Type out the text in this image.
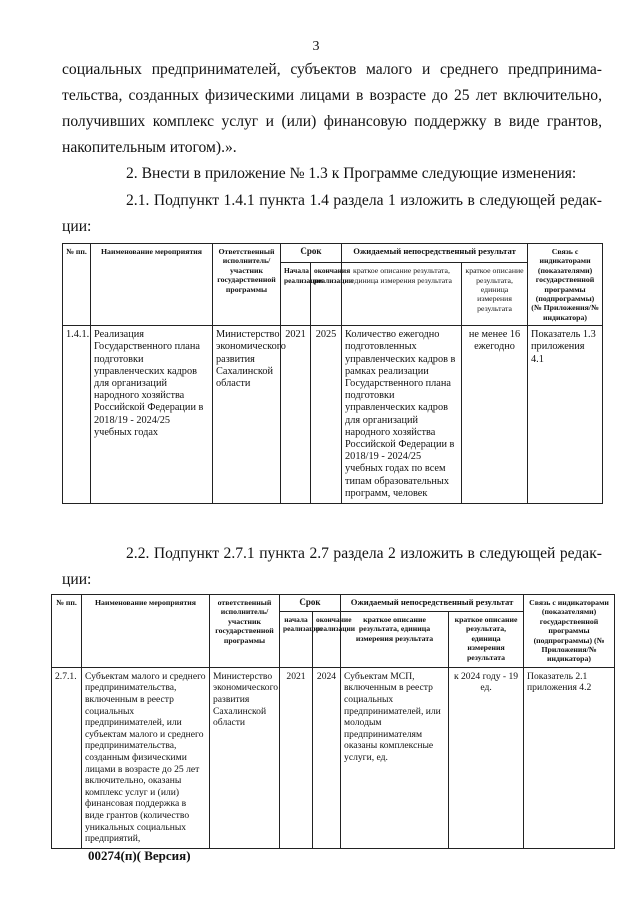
3
социальных предпринимателей, субъектов малого и среднего предпринима-
тельства, созданных физическими лицами в возрасте до 25 лет включительно,
получивших комплекс услуг и (или) финансовую поддержку в виде грантов,
накопительным итогом).».
2. Внести в приложение № 1.3 к Программе следующие изменения:
2.1. Подпункт 1.4.1 пункта 1.4 раздела 1 изложить в следующей редак-
ции:
№ пп.	Наименование мероприятия	Ответственный исполнитель/участник государственной программы	Срок		Ожидаемый непосредственный результат		Связь с индикаторами (показателями) государственной программы (подпрограммы) (№ Приложения/№ индикатора)
			Начала реализации	окончания реализации	краткое описание результата, единица измерения результата	краткое описание результата, единица измерения результата	
1.4.1.	Реализация Государственного плана подготовки управленческих кадров для организаций народного хозяйства Российской Федерации в 2018/19 - 2024/25 учебных годах	Министерство экономического развития Сахалинской области	2021	2025	Количество ежегодно подготовленных управленческих кадров в рамках реализации Государственного плана подготовки управленческих кадров для организаций народного хозяйства Российской Федерации в 2018/19 - 2024/25 учебных годах по всем типам образовательных программ, человек	не менее 16 ежегодно	Показатель 1.3 приложения 4.1
2.2. Подпункт 2.7.1 пункта 2.7 раздела 2 изложить в следующей редак-
ции:
№ пп.	Наименование мероприятия	ответственный исполнитель/участник государственной программы	Срок		Ожидаемый непосредственный результат		Связь с индикаторами (показателями) государственной программы (подпрограммы) (№ Приложения/№ индикатора)
			начала реализации	окончание реализации	краткое описание результата, единица измерения результата	краткое описание результата, единица измерения результата	
2.7.1.	Субъектам малого и среднего предпринимательства, включенным в реестр социальных предпринимателей, или субъектам малого и среднего предпринимательства, созданным физическими лицами в возрасте до 25 лет включительно, оказаны комплекс услуг и (или) финансовая поддержка в виде грантов (количество уникальных социальных предприятий,	Министерство экономического развития Сахалинской области	2021	2024	Субъектам МСП, включенным в реестр социальных предпринимателей, или молодым предпринимателям оказаны комплексные услуги, ед.	к 2024 году - 19 ед.	Показатель 2.1 приложения 4.2
00274(п)( Версия)
